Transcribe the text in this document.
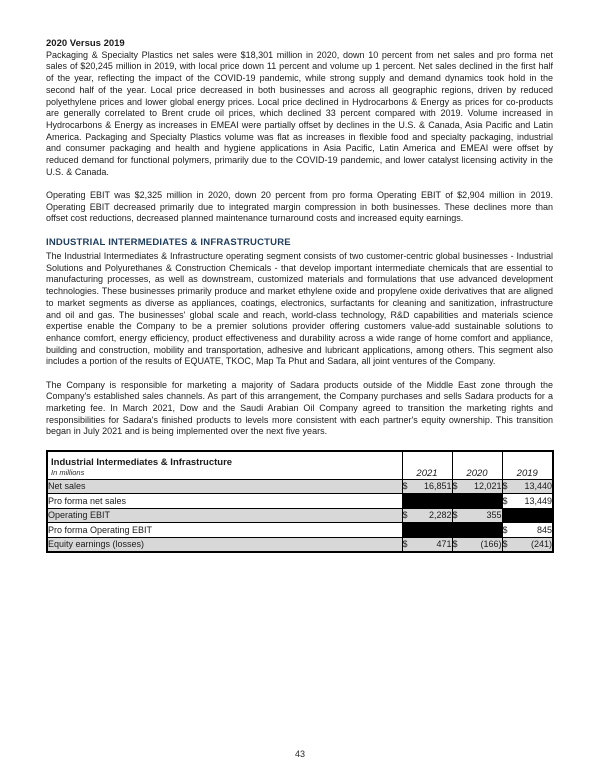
2020 Versus 2019

Packaging & Specialty Plastics net sales were $18,301 million in 2020, down 10 percent from net sales and pro forma net sales of $20,245 million in 2019, with local price down 11 percent and volume up 1 percent. Net sales declined in the first half of the year, reflecting the impact of the COVID-19 pandemic, while strong supply and demand dynamics took hold in the second half of the year. Local price decreased in both businesses and across all geographic regions, driven by reduced polyethylene prices and lower global energy prices. Local price declined in Hydrocarbons & Energy as prices for co-products are generally correlated to Brent crude oil prices, which declined 33 percent compared with 2019. Volume increased in Hydrocarbons & Energy as increases in EMEAI were partially offset by declines in the U.S. & Canada, Asia Pacific and Latin America. Packaging and Specialty Plastics volume was flat as increases in flexible food and specialty packaging, industrial and consumer packaging and health and hygiene applications in Asia Pacific, Latin America and EMEAI were offset by reduced demand for functional polymers, primarily due to the COVID-19 pandemic, and lower catalyst licensing activity in the U.S. & Canada.

Operating EBIT was $2,325 million in 2020, down 20 percent from pro forma Operating EBIT of $2,904 million in 2019. Operating EBIT decreased primarily due to integrated margin compression in both businesses. These declines more than offset cost reductions, decreased planned maintenance turnaround costs and increased equity earnings.

INDUSTRIAL INTERMEDIATES & INFRASTRUCTURE

The Industrial Intermediates & Infrastructure operating segment consists of two customer-centric global businesses - Industrial Solutions and Polyurethanes & Construction Chemicals - that develop important intermediate chemicals that are essential to manufacturing processes, as well as downstream, customized materials and formulations that use advanced development technologies. These businesses primarily produce and market ethylene oxide and propylene oxide derivatives that are aligned to market segments as diverse as appliances, coatings, electronics, surfactants for cleaning and sanitization, infrastructure and oil and gas. The businesses' global scale and reach, world-class technology, R&D capabilities and materials science expertise enable the Company to be a premier solutions provider offering customers value-add sustainable solutions to enhance comfort, energy efficiency, product effectiveness and durability across a wide range of home comfort and appliance, building and construction, mobility and transportation, adhesive and lubricant applications, among others. This segment also includes a portion of the results of EQUATE, TKOC, Map Ta Phut and Sadara, all joint ventures of the Company.

The Company is responsible for marketing a majority of Sadara products outside of the Middle East zone through the Company's established sales channels. As part of this arrangement, the Company purchases and sells Sadara products for a marketing fee. In March 2021, Dow and the Saudi Arabian Oil Company agreed to transition the marketing rights and responsibilities for Sadara's finished products to levels more consistent with each partner's equity ownership. This transition began in July 2021 and is being implemented over the next five years.

Industrial Intermediates & Infrastructure
In millions	2021	2020	2019
Net sales	$ 16,851	$ 12,021	$ 13,440
Pro forma net sales			$ 13,449
Operating EBIT	$ 2,282	$ 355	
Pro forma Operating EBIT			$ 845
Equity earnings (losses)	$ 471	$ (166)	$ (241)
43
